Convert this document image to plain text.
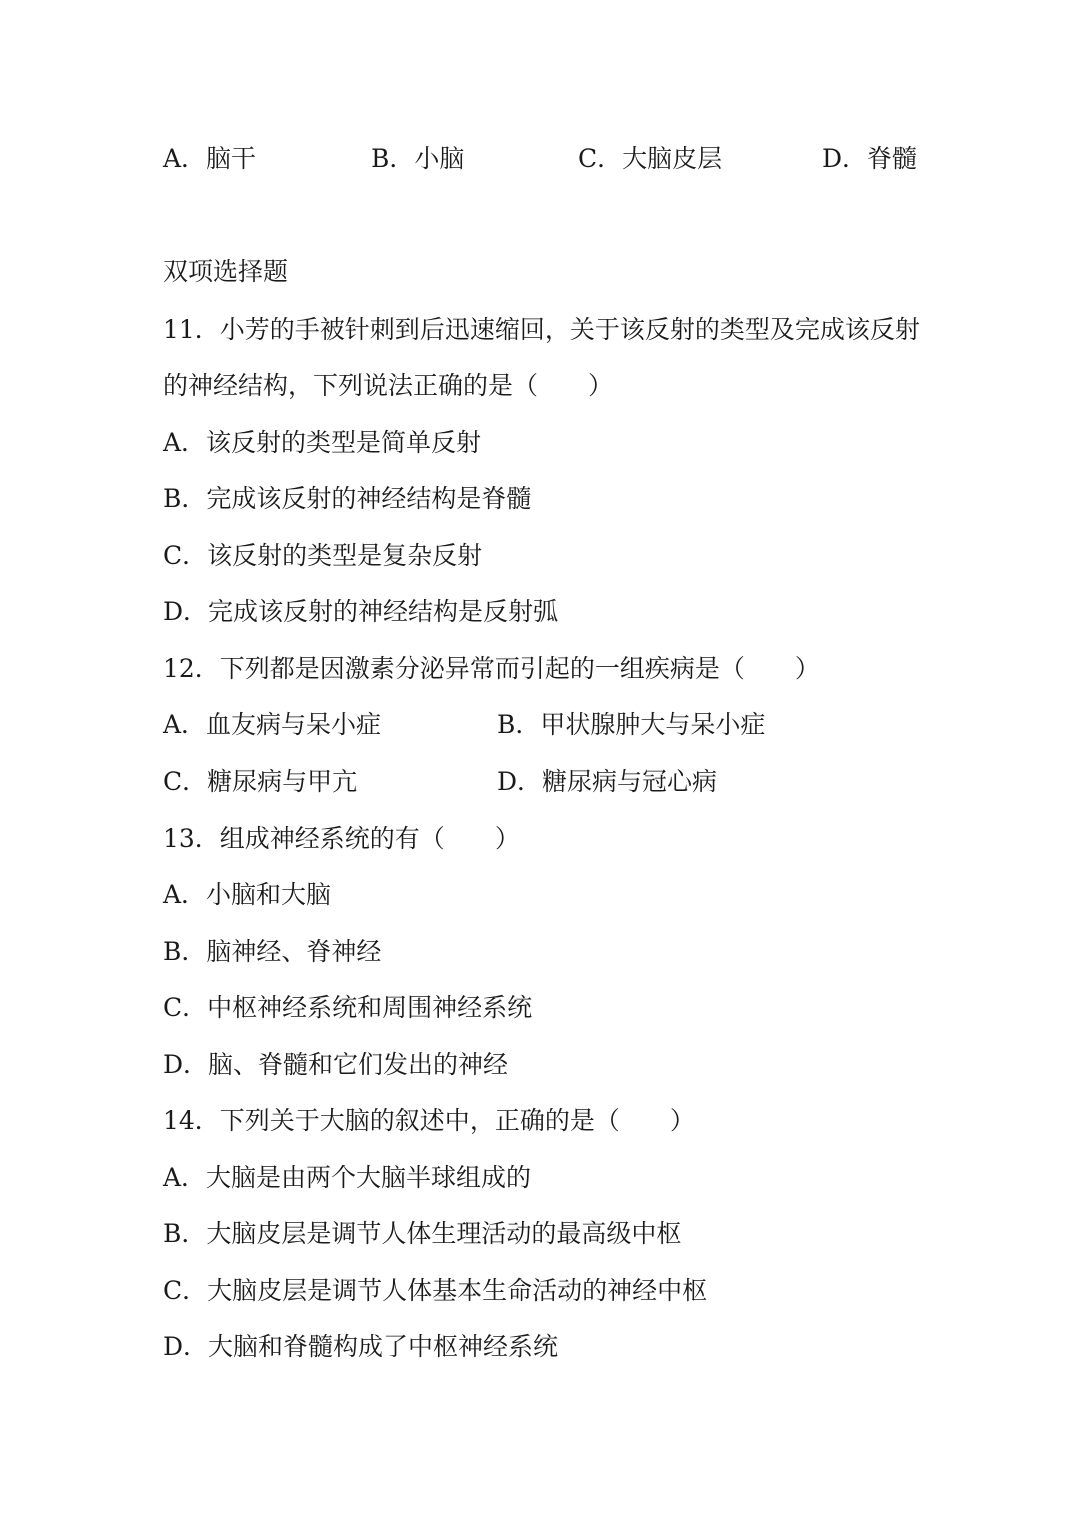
A．脑干	B．小脑	C．大脑皮层	D．脊髓
双项选择题
11．小芳的手被针刺到后迅速缩回，关于该反射的类型及完成该反射
的神经结构，下列说法正确的是（ ）
A．该反射的类型是简单反射
B．完成该反射的神经结构是脊髓
C．该反射的类型是复杂反射
D．完成该反射的神经结构是反射弧
12．下列都是因激素分泌异常而引起的一组疾病是（ ）
A．血友病与呆小症	B．甲状腺肿大与呆小症
C．糖尿病与甲亢	D．糖尿病与冠心病
13．组成神经系统的有（ ）
A．小脑和大脑
B．脑神经、脊神经
C．中枢神经系统和周围神经系统
D．脑、脊髓和它们发出的神经
14．下列关于大脑的叙述中，正确的是（ ）
A．大脑是由两个大脑半球组成的
B．大脑皮层是调节人体生理活动的最高级中枢
C．大脑皮层是调节人体基本生命活动的神经中枢
D．大脑和脊髓构成了中枢神经系统
